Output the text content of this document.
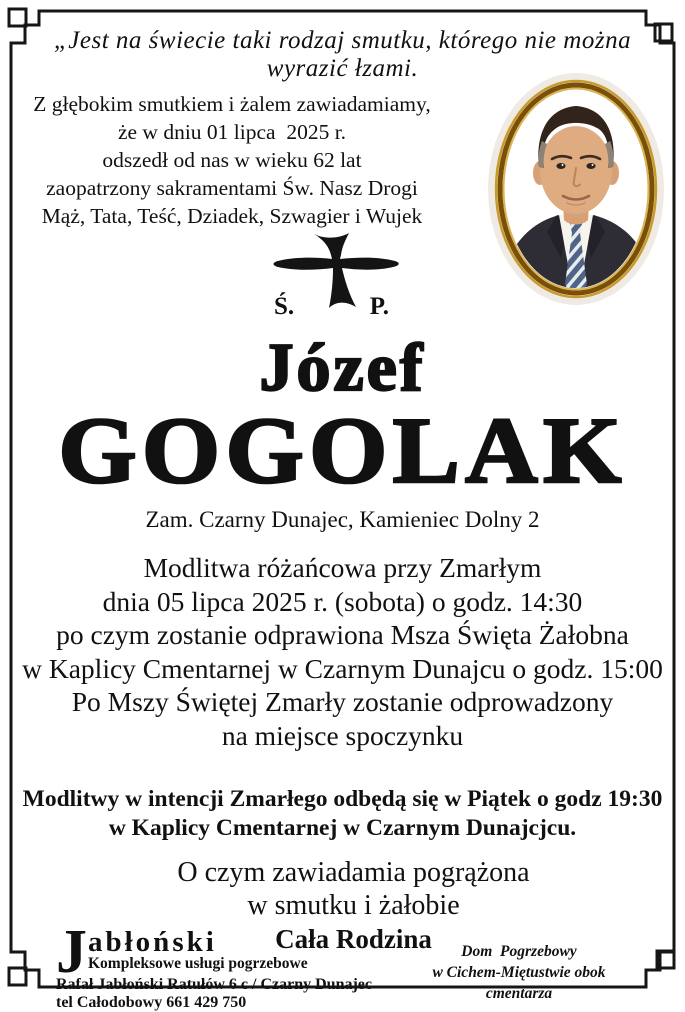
„Jest na świecie taki rodzaj smutku, którego nie można wyrazić łzami.
Z głębokim smutkiem i żalem zawiadamiamy,
że w dniu 01 lipca  2025 r.
odszedł od nas w wieku 62 lat
zaopatrzony sakramentami Św. Nasz Drogi
Mąż, Tata, Teść, Dziadek, Szwagier i Wujek
Ś.	P.
Józef
GOGOLAK
Zam. Czarny Dunajec, Kamieniec Dolny 2
Modlitwa różańcowa przy Zmarłym
dnia 05 lipca 2025 r. (sobota) o godz. 14:30
po czym zostanie odprawiona Msza Święta Żałobna
w Kaplicy Cmentarnej w Czarnym Dunajcu o godz. 15:00
Po Mszy Świętej Zmarły zostanie odprowadzony
na miejsce spoczynku
Modlitwy w intencji Zmarłego odbędą się w Piątek o godz 19:30
w Kaplicy Cmentarnej w Czarnym Dunajcjcu.
O czym zawiadamia pogrążona
w smutku i żałobie
Cała Rodzina
J abłoński
Kompleksowe usługi pogrzebowe
Rafał Jabłoński Ratułów 6 c / Czarny Dunajec  tel Całodobowy 661 429 750
Dom  Pogrzebowy
w Cichem-Miętustwie obok cmentarza
